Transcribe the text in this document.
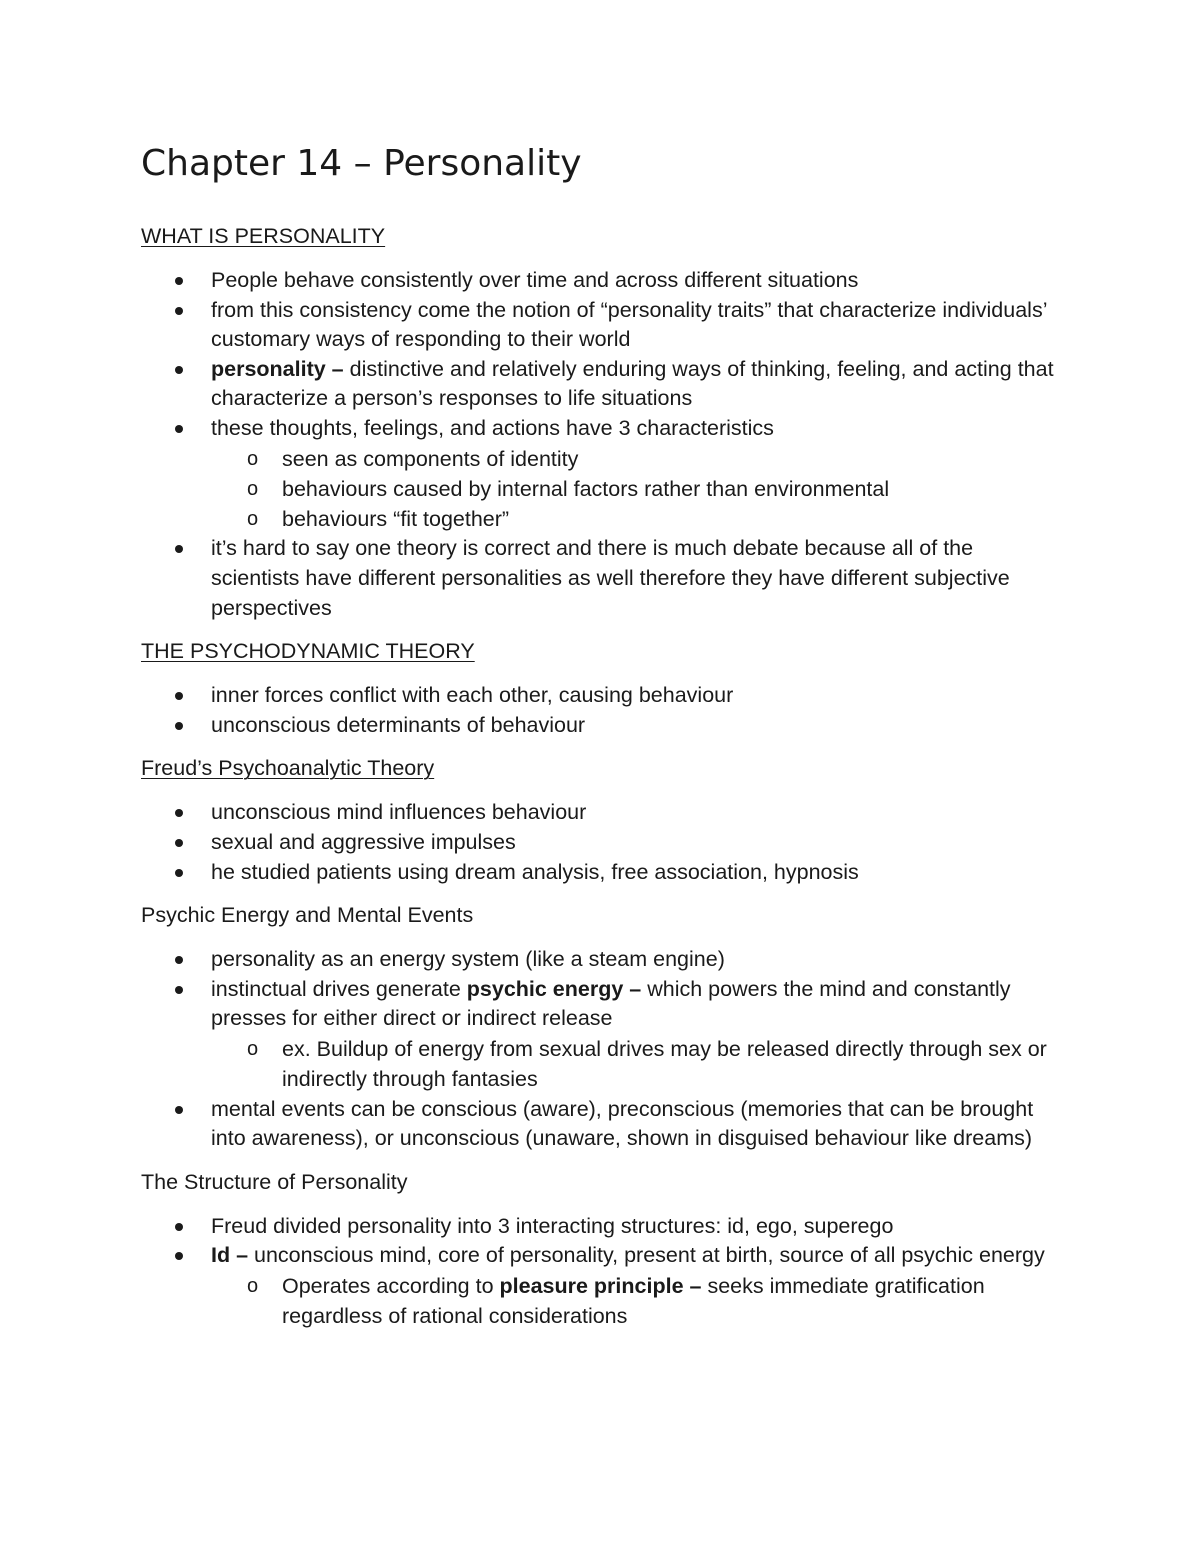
Chapter 14 – Personality
WHAT IS PERSONALITY
People behave consistently over time and across different situations
from this consistency come the notion of “personality traits” that characterize individuals’ customary ways of responding to their world
personality – distinctive and relatively enduring ways of thinking, feeling, and acting that characterize a person’s responses to life situations
these thoughts, feelings, and actions have 3 characteristics
o seen as components of identity
o behaviours caused by internal factors rather than environmental
o behaviours “fit together”
it’s hard to say one theory is correct and there is much debate because all of the scientists have different personalities as well therefore they have different subjective perspectives
THE PSYCHODYNAMIC THEORY
inner forces conflict with each other, causing behaviour
unconscious determinants of behaviour
Freud’s Psychoanalytic Theory
unconscious mind influences behaviour
sexual and aggressive impulses
he studied patients using dream analysis, free association, hypnosis
Psychic Energy and Mental Events
personality as an energy system (like a steam engine)
instinctual drives generate psychic energy – which powers the mind and constantly presses for either direct or indirect release
o ex. Buildup of energy from sexual drives may be released directly through sex or indirectly through fantasies
mental events can be conscious (aware), preconscious (memories that can be brought into awareness), or unconscious (unaware, shown in disguised behaviour like dreams)
The Structure of Personality
Freud divided personality into 3 interacting structures: id, ego, superego
Id – unconscious mind, core of personality, present at birth, source of all psychic energy
o Operates according to pleasure principle – seeks immediate gratification regardless of rational considerations
